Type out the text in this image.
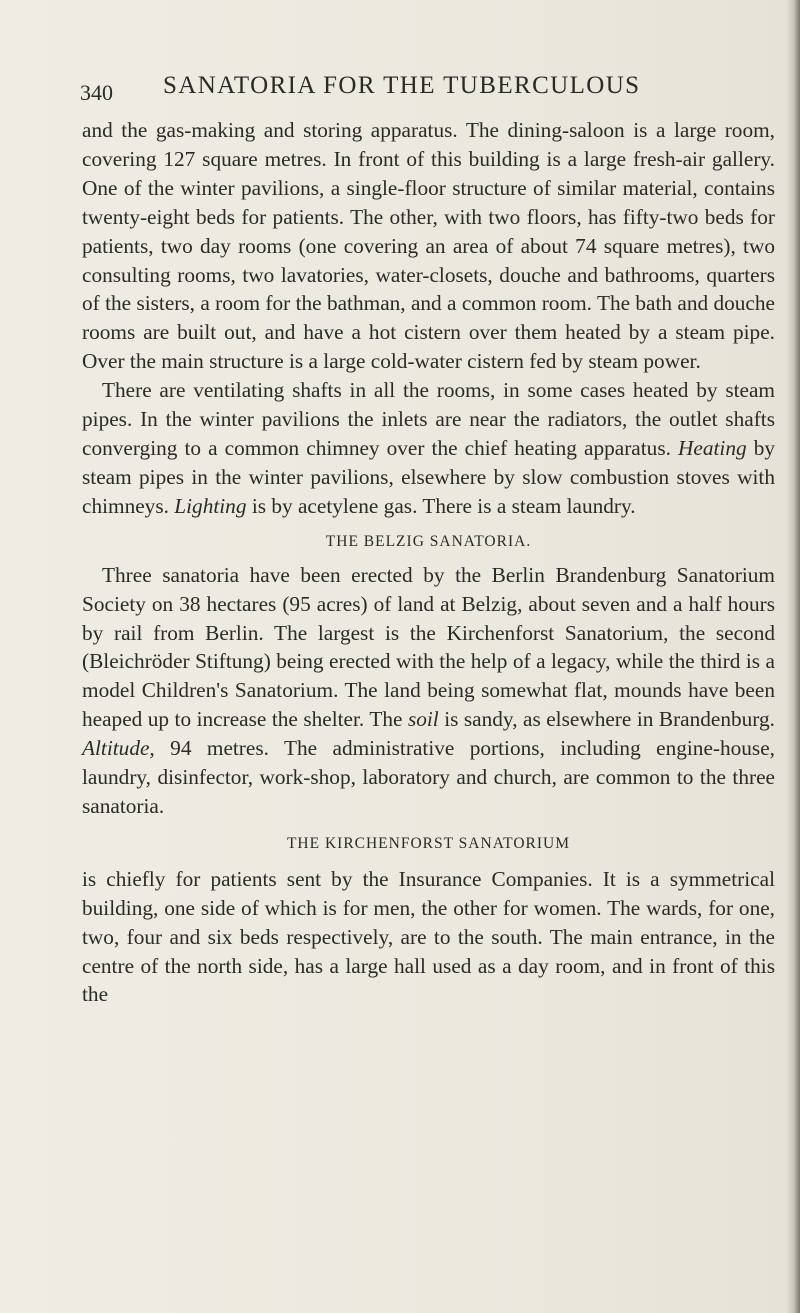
340 SANATORIA FOR THE TUBERCULOUS

and the gas-making and storing apparatus. The dining-saloon is a large room, covering 127 square metres. In front of this building is a large fresh-air gallery. One of the winter pavilions, a single-floor structure of similar material, contains twenty-eight beds for patients. The other, with two floors, has fifty-two beds for patients, two day rooms (one covering an area of about 74 square metres), two consulting rooms, two lavatories, water-closets, douche and bathrooms, quarters of the sisters, a room for the bathman, and a common room. The bath and douche rooms are built out, and have a hot cistern over them heated by a steam pipe. Over the main structure is a large cold-water cistern fed by steam power.

There are ventilating shafts in all the rooms, in some cases heated by steam pipes. In the winter pavilions the inlets are near the radiators, the outlet shafts converging to a common chimney over the chief heating apparatus. Heating by steam pipes in the winter pavilions, elsewhere by slow combustion stoves with chimneys. Lighting is by acetylene gas. There is a steam laundry.

THE BELZIG SANATORIA.

Three sanatoria have been erected by the Berlin Brandenburg Sanatorium Society on 38 hectares (95 acres) of land at Belzig, about seven and a half hours by rail from Berlin. The largest is the Kirchenforst Sanatorium, the second (Bleichröder Stiftung) being erected with the help of a legacy, while the third is a model Children's Sanatorium. The land being somewhat flat, mounds have been heaped up to increase the shelter. The soil is sandy, as elsewhere in Brandenburg. Altitude, 94 metres. The administrative portions, including engine-house, laundry, disinfector, work-shop, laboratory and church, are common to the three sanatoria.

THE KIRCHENFORST SANATORIUM

is chiefly for patients sent by the Insurance Companies. It is a symmetrical building, one side of which is for men, the other for women. The wards, for one, two, four and six beds respectively, are to the south. The main entrance, in the centre of the north side, has a large hall used as a day room, and in front of this the
